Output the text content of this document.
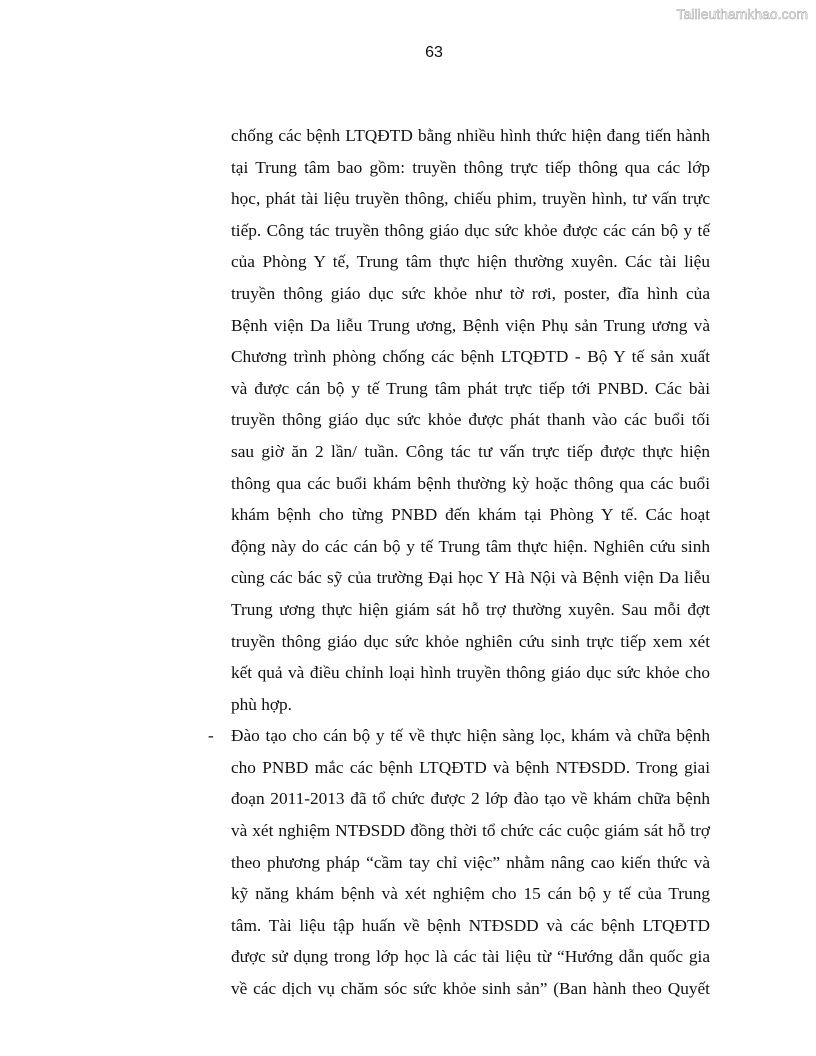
Tailieuthamkhao.com
63
chống các bệnh LTQĐTD bằng nhiều hình thức hiện đang tiến hành
tại Trung tâm bao gồm: truyền thông trực tiếp thông qua các lớp
học, phát tài liệu truyền thông, chiếu phim, truyền hình, tư vấn trực
tiếp. Công tác truyền thông giáo dục sức khỏe được các cán bộ y tế
của Phòng Y tế, Trung tâm thực hiện thường xuyên. Các tài liệu
truyền thông giáo dục sức khỏe như tờ rơi, poster, đĩa hình của
Bệnh viện Da liễu Trung ương, Bệnh viện Phụ sản Trung ương và
Chương trình phòng chống các bệnh LTQĐTD - Bộ Y tế sản xuất
và được cán bộ y tế Trung tâm phát trực tiếp tới PNBD. Các bài
truyền thông giáo dục sức khỏe được phát thanh vào các buổi tối
sau giờ ăn 2 lần/ tuần. Công tác tư vấn trực tiếp được thực hiện
thông qua các buổi khám bệnh thường kỳ hoặc thông qua các buổi
khám bệnh cho từng PNBD đến khám tại Phòng Y tế. Các hoạt
động này do các cán bộ y tế Trung tâm thực hiện. Nghiên cứu sinh
cùng các bác sỹ của trường Đại học Y Hà Nội và Bệnh viện Da liễu
Trung ương thực hiện giám sát hỗ trợ thường xuyên. Sau mỗi đợt
truyền thông giáo dục sức khỏe nghiên cứu sinh trực tiếp xem xét
kết quả và điều chỉnh loại hình truyền thông giáo dục sức khỏe cho
phù hợp.
- Đào tạo cho cán bộ y tế về thực hiện sàng lọc, khám và chữa bệnh
cho PNBD mắc các bệnh LTQĐTD và bệnh NTĐSDD. Trong giai
đoạn 2011-2013 đã tổ chức được 2 lớp đào tạo về khám chữa bệnh
và xét nghiệm NTĐSDD đồng thời tổ chức các cuộc giám sát hỗ trợ
theo phương pháp “cầm tay chỉ việc” nhằm nâng cao kiến thức và
kỹ năng khám bệnh và xét nghiệm cho 15 cán bộ y tế của Trung
tâm. Tài liệu tập huấn về bệnh NTĐSDD và các bệnh LTQĐTD
được sử dụng trong lớp học là các tài liệu từ “Hướng dẫn quốc gia
về các dịch vụ chăm sóc sức khỏe sinh sản” (Ban hành theo Quyết
